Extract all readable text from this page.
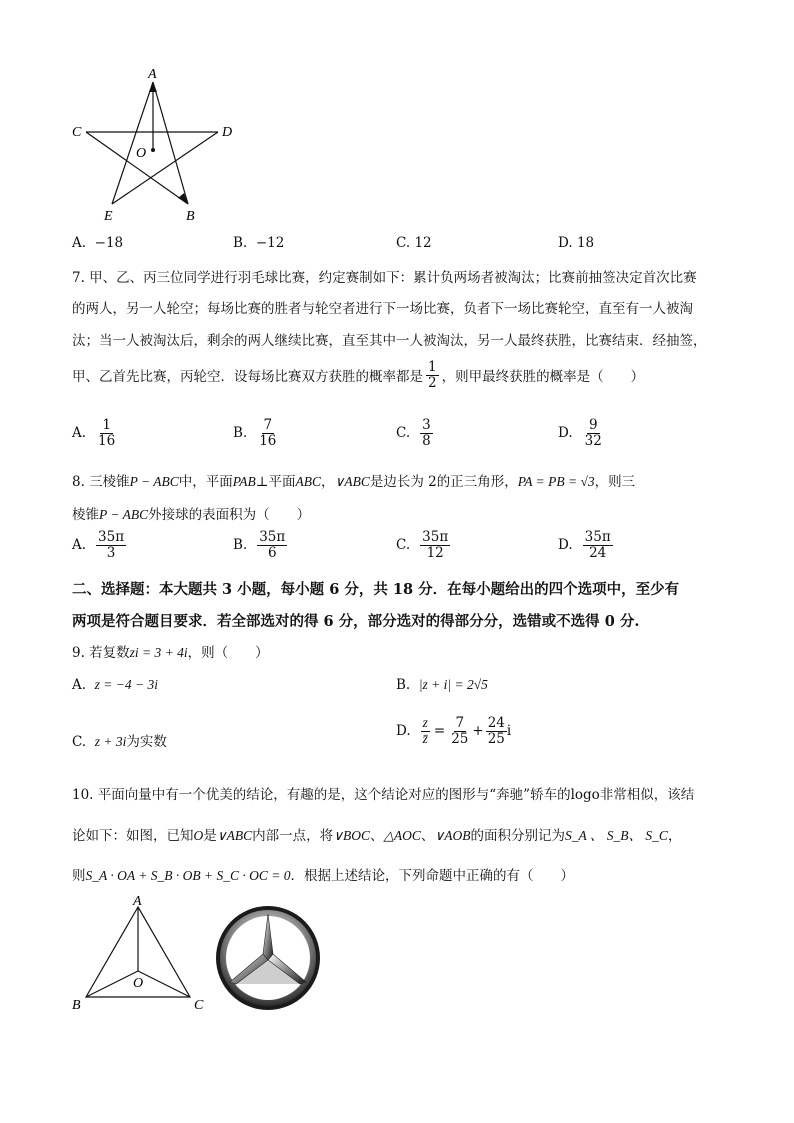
A
C	D
O
E	B
A. −18	B. −12	C. 12	D. 18
7. 甲、乙、丙三位同学进行羽毛球比赛，约定赛制如下：累计负两场者被淘汰；比赛前抽签决定首次比赛
的两人，另一人轮空；每场比赛的胜者与轮空者进行下一场比赛，负者下一场比赛轮空，直至有一人被淘
汰；当一人被淘汰后，剩余的两人继续比赛，直至其中一人被淘汰，另一人最终获胜，比赛结束．经抽签，
甲、乙首先比赛，丙轮空．设每场比赛双方获胜的概率都是 $\frac{1}{2}$ ，则甲最终获胜的概率是（　　）
A. $\frac{1}{16}$	B. $\frac{7}{16}$	C. $\frac{3}{8}$	D. $\frac{9}{32}$
8. 三棱锥P − ABC中，平面PAB⊥平面ABC，∨ABC是边长为 2的正三角形，PA = PB = √3，则三
棱锥P − ABC外接球的表面积为（　　）
A. $\frac{35\pi}{3}$	B. $\frac{35\pi}{6}$	C. $\frac{35\pi}{12}$	D. $\frac{35\pi}{24}$
二、选择题：本大题共 3 小题，每小题 6 分，共 18 分．在每小题给出的四个选项中，至少有
两项是符合题目要求．若全部选对的得 6 分，部分选对的得部分分，选错或不选得 0 分.
9. 若复数zi = 3 + 4i，则（　　）
A. z = −4 − 3i	B. |z + i| = 2√5
C. z + 3i为实数
D. $\frac{z}{z̄} = \frac{7}{25} + \frac{24}{25}$ i
10. 平面向量中有一个优美的结论，有趣的是，这个结论对应的图形与“奔驰”轿车的logo非常相似，该结
论如下：如图，已知O是∨ABC内部一点，将∨BOC、△AOC、∨AOB的面积分别记为S_A 、 S_B、 S_C，
则S_A · OA + S_B · OB + S_C · OC = 0．根据上述结论，下列命题中正确的有（　　）
A
B	C
O
